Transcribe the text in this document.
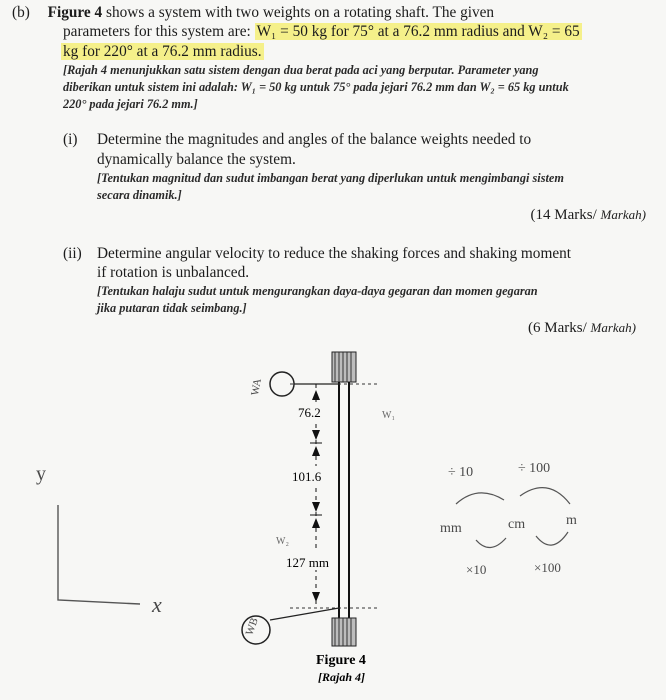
(b) Figure 4 shows a system with two weights on a rotating shaft. The given
parameters for this system are: W₁ = 50 kg for 75° at a 76.2 mm radius and W₂ = 65
kg for 220° at a 76.2 mm radius.
[Rajah 4 menunjukkan satu sistem dengan dua berat pada aci yang berputar. Parameter yang
diberikan untuk sistem ini adalah: W₁ = 50 kg untuk 75° pada jejari 76.2 mm dan W₂ = 65 kg untuk
220° pada jejari 76.2 mm.]
(i) Determine the magnitudes and angles of the balance weights needed to
dynamically balance the system.
[Tentukan magnitud dan sudut imbangan berat yang diperlukan untuk mengimbangi sistem
secara dinamik.]
(14 Marks/ Markah)
(ii) Determine angular velocity to reduce the shaking forces and shaking moment
if rotation is unbalanced.
[Tentukan halaju sudut untuk mengurangkan daya-daya gegaran dan momen gegaran
jika putaran tidak seimbang.]
(6 Marks/ Markah)
76.2
101.6
127 mm
W₁
W₂
Figure 4
[Rajah 4]
WA
WB
y
x
÷ 10	÷ 100
mm	cm	m
×10	×100
